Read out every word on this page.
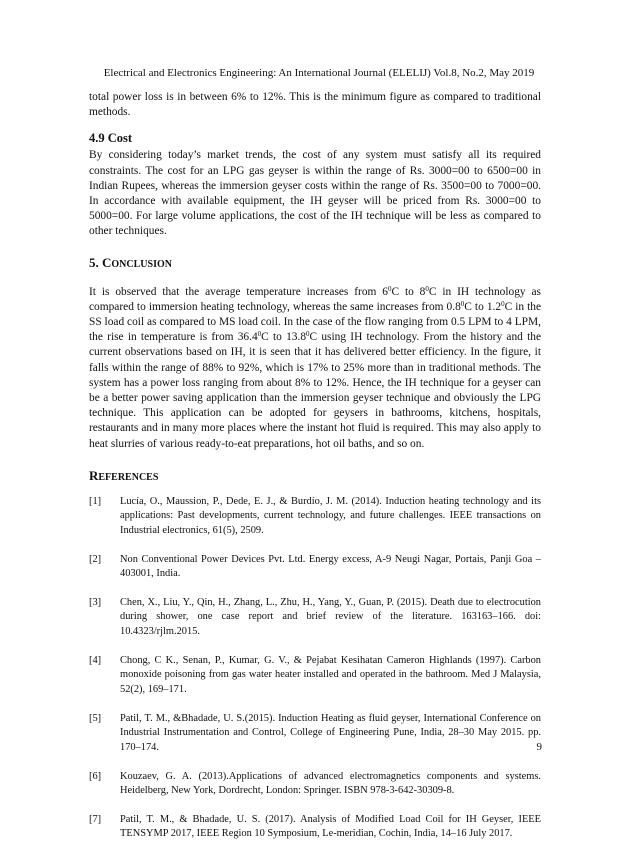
Electrical and Electronics Engineering: An International Journal (ELELIJ) Vol.8, No.2, May 2019

total power loss is in between 6% to 12%. This is the minimum figure as compared to traditional methods.

4.9 Cost

By considering today’s market trends, the cost of any system must satisfy all its required constraints. The cost for an LPG gas geyser is within the range of Rs. 3000=00 to 6500=00 in Indian Rupees, whereas the immersion geyser costs within the range of Rs. 3500=00 to 7000=00. In accordance with available equipment, the IH geyser will be priced from Rs. 3000=00 to 5000=00. For large volume applications, the cost of the IH technique will be less as compared to other techniques.

5. CONCLUSION

It is observed that the average temperature increases from $6^0C$ to $8^0C$ in IH technology as compared to immersion heating technology, whereas the same increases from $0.8^0C$ to $1.2^0C$ in the SS load coil as compared to MS load coil. In the case of the flow ranging from 0.5 LPM to 4 LPM, the rise in temperature is from 36.4$^0$C to 13.8$^0$C using IH technology. From the history and the current observations based on IH, it is seen that it has delivered better efficiency. In the figure, it falls within the range of 88% to 92%, which is 17% to 25% more than in traditional methods. The system has a power loss ranging from about 8% to 12%. Hence, the IH technique for a geyser can be a better power saving application than the immersion geyser technique and obviously the LPG technique. This application can be adopted for geysers in bathrooms, kitchens, hospitals, restaurants and in many more places where the instant hot fluid is required. This may also apply to heat slurries of various ready-to-eat preparations, hot oil baths, and so on.

REFERENCES
[1] Lucía, O., Maussion, P., Dede, E. J., & Burdío, J. M. (2014). Induction heating technology and its applications: Past developments, current technology, and future challenges. IEEE transactions on Industrial electronics, 61(5), 2509.
[2] Non Conventional Power Devices Pvt. Ltd. Energy excess, A-9 Neugi Nagar, Portais, Panji Goa – 403001, India.
[3] Chen, X., Liu, Y., Qin, H., Zhang, L., Zhu, H., Yang, Y., Guan, P. (2015). Death due to electrocution during shower, one case report and brief review of the literature. 163163–166. doi: 10.4323/rjlm.2015.
[4] Chong, C K., Senan, P., Kumar, G. V., & Pejabat Kesihatan Cameron Highlands (1997). Carbon monoxide poisoning from gas water heater installed and operated in the bathroom. Med J Malaysia, 52(2), 169–171.
[5] Patil, T. M., &Bhadade, U. S.(2015). Induction Heating as fluid geyser, International Conference on Industrial Instrumentation and Control, College of Engineering Pune, India, 28–30 May 2015. pp. 170–174.
[6] Kouzaev, G. A. (2013).Applications of advanced electromagnetics components and systems. Heidelberg, New York, Dordrecht, London: Springer. ISBN 978-3-642-30309-8.
[7] Patil, T. M., & Bhadade, U. S. (2017). Analysis of Modified Load Coil for IH Geyser, IEEE TENSYMP 2017, IEEE Region 10 Symposium, Le-meridian, Cochin, India, 14–16 July 2017.
9
